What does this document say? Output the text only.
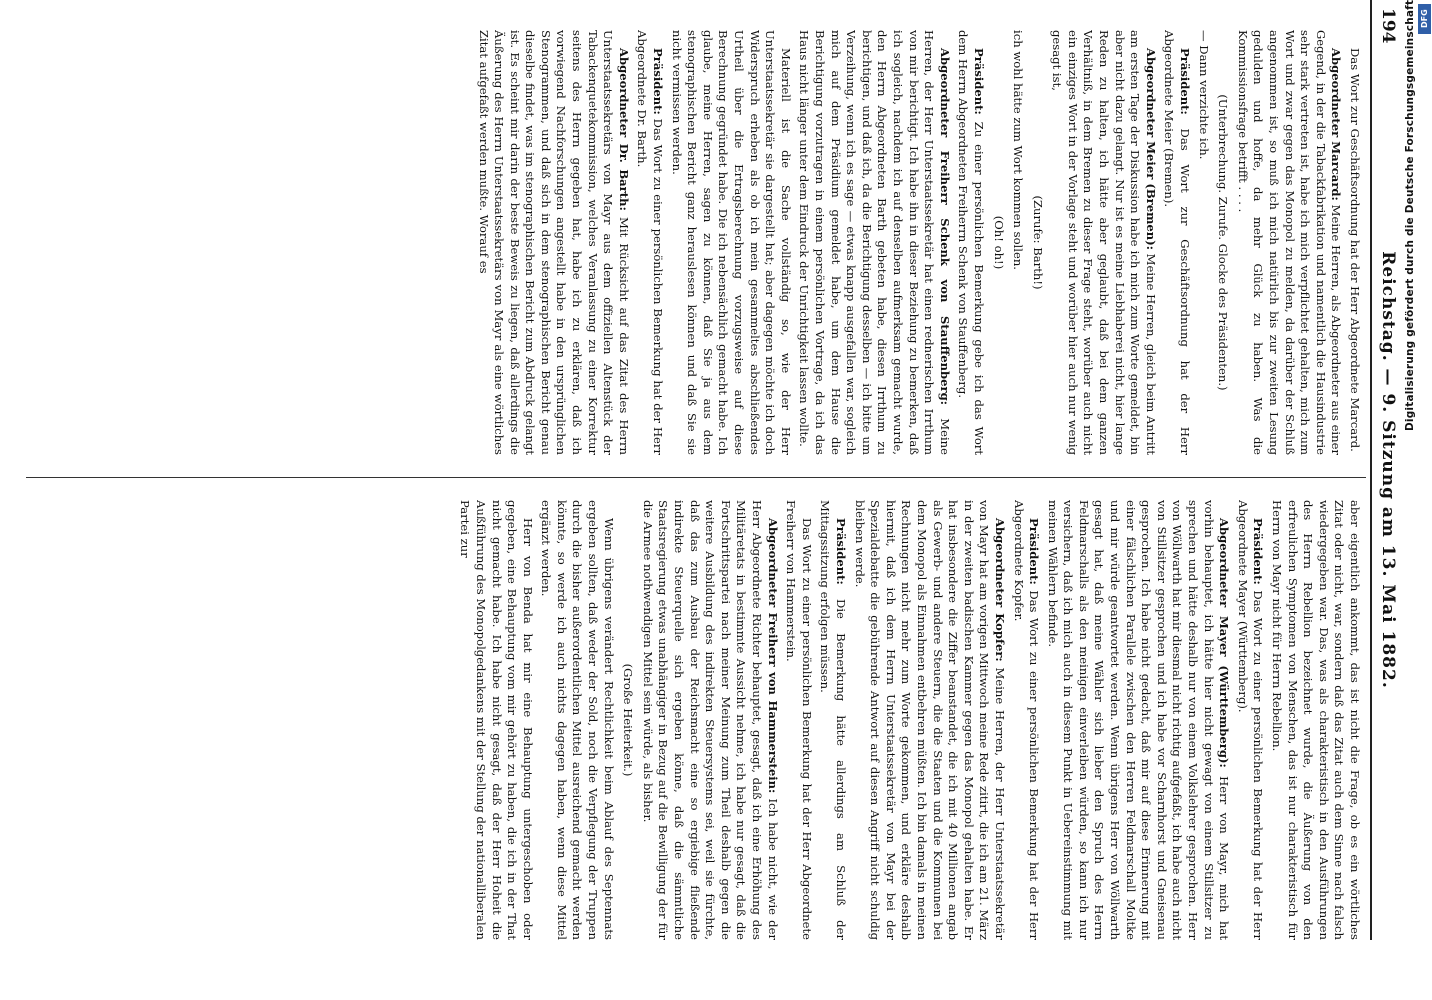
194
Reichstag. — 9. Sitzung am 13. Mai 1882.

Das Wort zur Geschäftsordnung hat der Herr Abgeordnete Marcard.

Abgeordneter Marcard: Meine Herren, als Abgeordneter aus einer Gegend, in der die Tabackfabrikation und namentlich die Hausindustrie sehr stark vertreten ist, habe ich mich verpflichtet gehalten, mich zum Wort und zwar gegen das Monopol zu melden, da darüber der Schluß angenommen ist, so muß ich mich natürlich bis zur zweiten Lesung gedulden und hoffe, da mehr Glück zu haben. Was die Kommissionsfrage betrifft . . . .

(Unterbrechung. Zurufe. Glocke des Präsidenten.)

— Dann verzichte ich.

Präsident: Das Wort zur Geschäftsordnung hat der Herr Abgeordnete Meier (Bremen).

Abgeordneter Meier (Bremen): Meine Herren, gleich beim Antritt am ersten Tage der Diskussion habe ich mich zum Worte gemeldet, bin aber nicht dazu gelangt. Nur ist es meine Liebhaberei nicht, hier lange Reden zu halten, ich hätte aber geglaubt, daß bei dem ganzen Verhältniß, in dem Bremen zu dieser Frage steht, worüber auch nicht ein einziges Wort in der Vorlage steht und worüber hier auch nur wenig gesagt ist,

(Zurufe: Barth!)

ich wohl hätte zum Wort kommen sollen.

(Oh! oh!)

Präsident: Zu einer persönlichen Bemerkung gebe ich das Wort dem Herrn Abgeordneten Freiherrn Schenk von Stauffenberg.

Abgeordneter Freiherr Schenk von Stauffenberg: Meine Herren, der Herr Unterstaatssekretär hat einen rednerischen Irrthum von mir berichtigt. Ich habe ihn in dieser Beziehung zu bemerken, daß ich sogleich, nachdem ich auf denselben aufmerksam gemacht wurde, den Herrn Abgeordneten Barth gebeten habe, diesen Irrthum zu berichtigen, und daß ich, da die Berichtigung desselben — ich bitte um Verzeihung, wenn ich es sage — etwas knapp ausgefallen war, sogleich mich auf dem Präsidium gemeldet habe, um dem Hause die Berichtigung vorzutragen in einem persönlichen Vortrage, da ich das Haus nicht länger unter dem Eindruck der Unrichtigkeit lassen wollte.

Materiell ist die Sache vollständig so, wie der Herr Unterstaatssekretär sie dargestellt hat; aber dagegen möchte ich doch Widerspruch erheben als ob ich mein gesammeltes abschließendes Urtheil über die Ertragsberechnung vorzugsweise auf diese Berechnung gegründet habe. Die ich nebensächlich gemacht habe. Ich glaube, meine Herren, sagen zu können, daß Sie ja aus dem stenographischen Bericht ganz herauslesen können und daß Sie sie nicht vermissen werden.

Präsident: Das Wort zu einer persönlichen Bemerkung hat der Herr Abgeordnete Dr. Barth.

Abgeordneter Dr. Barth: Mit Rücksicht auf das Zitat des Herrn Unterstaatssekretärs von Mayr aus dem offiziellen Altenstück der Tabackenquetekommission, welches Veranlassung zu einer Korrektur seitens des Herrn gegeben hat, habe ich zu erklären, daß ich vorwiegend Nachforschungen angestellt habe in den ursprünglichen Stenogrammen, und daß sich in dem stenographischen Bericht genau dieselbe findet, was im stenographischen Bericht zum Abdruck gelangt ist. Es scheint mir darin der beste Beweis zu liegen, daß allerdings die Äußerung des Herrn Unterstaatssekretärs von Mayr als eine wörtliches Zitat aufgefaßt werden mußte. Worauf es

aber eigentlich ankommt, das ist nicht die Frage, ob es ein wörtliches Zitat oder nicht, war, sondern daß das Zitat auch dem Sinne nach falsch wiedergegeben war. Das, was als charakteristisch in den Ausführungen des Herrn Rebellion bezeichnet wurde, die Äußerung von den erfreulichen Symptomen von Menschen, das ist nur charakteristisch für Herrn von Mayr nicht für Herrn Rebellion.

Präsident: Das Wort zu einer persönlichen Bemerkung hat der Herr Abgeordnete Mayer (Württemberg).

Abgeordneter Mayer (Württemberg): Herr von Mayr, mich hat vorhin behauptet, ich hätte hier nicht gewagt von einem Stillsitzer zu sprechen und hätte deshalb nur von einem Volkslehrer gesprochen. Herr von Wöllwarth hat mir diesmal nicht richtig aufgefaßt, ich habe auch nicht von Stillsitzer gesprochen und ich habe vor Scharnhorst und Gneisenau gesprochen. Ich habe nicht gedacht, daß mir auf diese Erinnerung mit einer fälschlichen Parallele zwischen den Herren Feldmarschall Moltke und mir würde geantwortet werden. Wenn übrigens Herr von Wöllwarth gesagt hat, daß meine Wähler sich lieber den Spruch des Herrn Feldmarschalls als den meinigen einverleiben würden, so kann ich nur versichern, daß ich mich auch in diesem Punkt in Uebereinstimmung mit meinen Wählern befinde.

Präsident: Das Wort zu einer persönlichen Bemerkung hat der Herr Abgeordnete Kopfer.

Abgeordneter Kopfer: Meine Herren, der Herr Unterstaatssekretär von Mayr hat am vorigen Mittwoch meine Rede zitirt, die ich am 21. März in der zweiten badischen Kammer gegen das Monopol gehalten habe. Er hat insbesondere die Ziffer beanstandet, die ich mit 40 Millionen angab als Gewerb- und andere Steuern, die die Staaten und die Kommunen bei dem Monopol als Einnahmen entbehren müßten. Ich bin damals in meinen Rechnungen nicht mehr zum Worte gekommen, und erkläre deshalb hiermit, daß ich dem Herrn Unterstaatssekretär von Mayr bei der Spezialdebatte die gebührende Antwort auf diesen Angriff nicht schuldig bleiben werde.

Präsident: Die Bemerkung hätte allerdings am Schluß der Mittagssitzung erfolgen müssen.

Das Wort zu einer persönlichen Bemerkung hat der Herr Abgeordnete Freiherr von Hammerstein.

Abgeordneter Freiherr von Hammerstein: Ich habe nicht, wie der Herr Abgeordnete Richter behauptet, gesagt, daß ich eine Erhöhung des Militäretats in bestimmte Aussicht nehme, ich habe nur gesagt, daß die Fortschrittspartei nach meiner Meinung zum Theil deshalb gegen die weitere Ausbildung des indirekten Steuersystems sei, weil sie fürchte, daß das zum Ausbau der Reichsmacht eine so ergiebige fließende indirekte Steuerquelle sich ergeben könne, daß die sämmtliche Staatsregierung etwas unabhängiger in Bezug auf die Bewilligung der für die Armee nothwendigen Mittel sein würde, als bisher.

(Große Heiterkeit.)

Wenn übrigens verändert Rechtlichkeit beim Ablauf des Septennats ergeben sollten, daß weder der Sold, noch die Verpflegung der Truppen durch die bisher außerordentlichen Mittel ausreichend gemacht werden könnte, so werde ich auch nichts dagegen haben, wenn diese Mittel ergänzt werden.

Herr von Benda hat mir eine Behauptung untergeschoben oder gegeben, eine Behauptung vom mir gehört zu haben, die ich in der That nicht gemacht habe. Ich habe nicht gesagt, daß der Herr Hoheit die Außführung des Monopolgedankens mit der Stellung der nationalliberalen Partei zur

Digitalisierung gefördert durch die Deutsche Forschungsgemeinschaft DFG
